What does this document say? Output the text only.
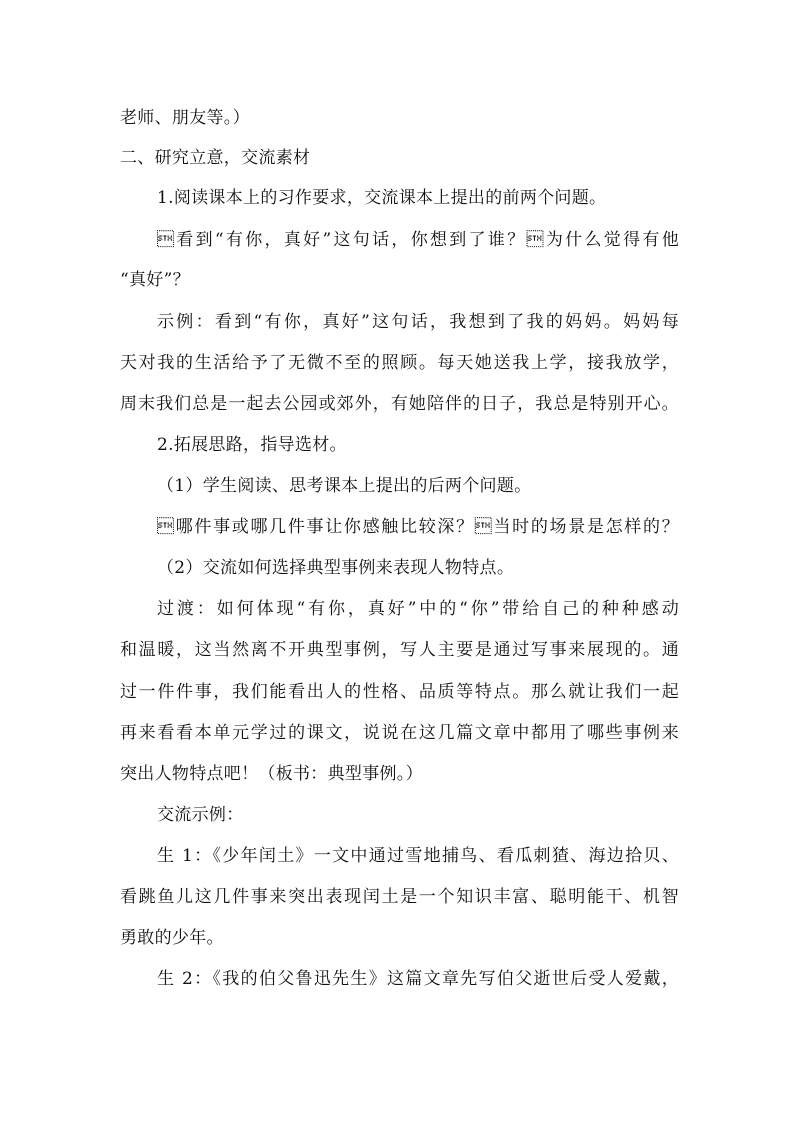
老师、朋友等。）
二、研究立意，交流素材
1.阅读课本上的习作要求，交流课本上提出的前两个问题。
看到“有你，真好”这句话，你想到了谁？为什么觉得有他
“真好”？
示例：看到“有你，真好”这句话，我想到了我的妈妈。妈妈每
天对我的生活给予了无微不至的照顾。每天她送我上学，接我放学，
周末我们总是一起去公园或郊外，有她陪伴的日子，我总是特别开心。
2.拓展思路，指导选材。
（1）学生阅读、思考课本上提出的后两个问题。
哪件事或哪几件事让你感触比较深？当时的场景是怎样的？
（2）交流如何选择典型事例来表现人物特点。
过渡：如何体现“有你，真好”中的“你”带给自己的种种感动
和温暖，这当然离不开典型事例，写人主要是通过写事来展现的。通
过一件件事，我们能看出人的性格、品质等特点。那么就让我们一起
再来看看本单元学过的课文，说说在这几篇文章中都用了哪些事例来
突出人物特点吧！（板书：典型事例。）
交流示例：
生 1：《少年闰土》一文中通过雪地捕鸟、看瓜刺猹、海边拾贝、
看跳鱼儿这几件事来突出表现闰土是一个知识丰富、聪明能干、机智
勇敢的少年。
生 2：《我的伯父鲁迅先生》这篇文章先写伯父逝世后受人爱戴，
